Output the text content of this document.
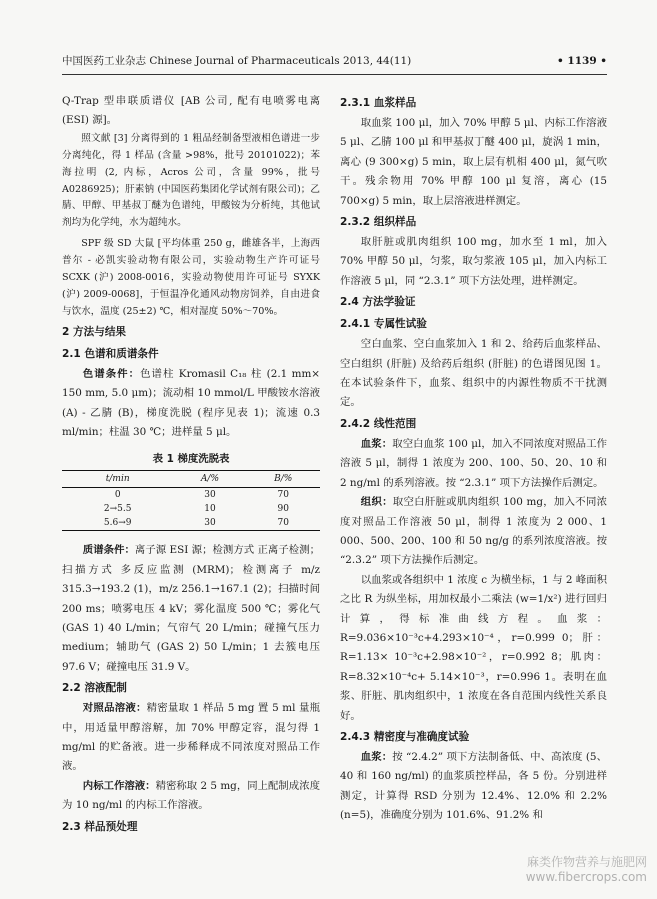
中国医药工业杂志 Chinese Journal of Pharmaceuticals 2013, 44(11)	• 1139 •

Q-Trap 型串联质谱仪 [AB 公司, 配有电喷雾电离 (ESI) 源]。

照文献 [3] 分离得到的 1 粗品经制备型液相色谱进一步分离纯化，得 1 样品 (含量 >98%，批号 20101022)；苯海拉明 (2, 内标，Acros 公司，含量 99%，批号 A0286925)；肝素钠 (中国医药集团化学试剂有限公司)；乙腈、甲醇、甲基叔丁醚为色谱纯，甲酸铵为分析纯，其他试剂均为化学纯，水为超纯水。

SPF 级 SD 大鼠 [平均体重 250 g，雌雄各半，上海西普尔 - 必凯实验动物有限公司，实验动物生产许可证号 SCXK (沪) 2008-0016，实验动物使用许可证号 SYXK (沪) 2009-0068]，于恒温净化通风动物房饲养，自由进食与饮水，温度 (25±2) ℃，相对湿度 50%～70%。

2 方法与结果
2.1 色谱和质谱条件

色谱条件：色谱柱 Kromasil C₁₈ 柱 (2.1 mm× 150 mm, 5.0 μm)；流动相 10 mmol/L 甲酸铵水溶液 (A) - 乙腈 (B)，梯度洗脱 (程序见表 1)；流速 0.3 ml/min；柱温 30 ℃；进样量 5 μl。

表 1 梯度洗脱表
t/min	A/%	B/%
0	30	70
2→5.5	10	90
5.6→9	30	70

质谱条件：离子源 ESI 源；检测方式 正离子检测；扫描方式 多反应监测 (MRM)；检测离子 m/z 315.3→193.2 (1)，m/z 256.1→167.1 (2)；扫描时间 200 ms；喷雾电压 4 kV；雾化温度 500 ℃；雾化气 (GAS 1) 40 L/min；气帘气 20 L/min；碰撞气压力 medium；辅助气 (GAS 2) 50 L/min；1 去簇电压 97.6 V；碰撞电压 31.9 V。

2.2 溶液配制

对照品溶液：精密量取 1 样品 5 mg 置 5 ml 量瓶中，用适量甲醇溶解，加 70% 甲醇定容，混匀得 1 mg/ml 的贮备液。进一步稀释成不同浓度对照品工作液。

内标工作溶液：精密称取 2 5 mg，同上配制成浓度为 10 ng/ml 的内标工作溶液。

2.3 样品预处理
2.3.1 血浆样品

取血浆 100 μl，加入 70% 甲醇 5 μl、内标工作溶液 5 μl、乙腈 100 μl 和甲基叔丁醚 400 μl，旋涡 1 min，离心 (9 300×g) 5 min，取上层有机相 400 μl，氮气吹干。残余物用 70% 甲醇 100 μl 复溶，离心 (15 700×g) 5 min，取上层溶液进样测定。

2.3.2 组织样品

取肝脏或肌肉组织 100 mg，加水至 1 ml，加入 70% 甲醇 50 μl，匀浆，取匀浆液 105 μl，加入内标工作溶液 5 μl，同 “2.3.1” 项下方法处理，进样测定。

2.4 方法学验证
2.4.1 专属性试验

空白血浆、空白血浆加入 1 和 2、给药后血浆样品、空白组织 (肝脏) 及给药后组织 (肝脏) 的色谱图见图 1。在本试验条件下，血浆、组织中的内源性物质不干扰测定。

2.4.2 线性范围

血浆：取空白血浆 100 μl，加入不同浓度对照品工作溶液 5 μl，制得 1 浓度为 200、100、50、20、10 和 2 ng/ml 的系列溶液。按 “2.3.1” 项下方法操作后测定。

组织：取空白肝脏或肌肉组织 100 mg，加入不同浓度对照品工作溶液 50 μl，制得 1 浓度为 2 000、1 000、500、200、100 和 50 ng/g 的系列浓度溶液。按 “2.3.2” 项下方法操作后测定。

以血浆或各组织中 1 浓度 c 为横坐标，1 与 2 峰面积之比 R 为纵坐标，用加权最小二乘法 (w=1/x²) 进行回归计算，得标准曲线方程。血浆：R=9.036×10⁻³c+4.293×10⁻⁴，r=0.999 0；肝：R=1.13× 10⁻³c+2.98×10⁻²，r=0.992 8；肌肉：R=8.32×10⁻⁴c+ 5.14×10⁻³，r=0.996 1。表明在血浆、肝脏、肌肉组织中，1 浓度在各自范围内线性关系良好。

2.4.3 精密度与准确度试验

血浆：按 “2.4.2” 项下方法制备低、中、高浓度 (5、40 和 160 ng/ml) 的血浆质控样品，各 5 份。分别进样测定，计算得 RSD 分别为 12.4%、12.0% 和 2.2% (n=5)，准确度分别为 101.6%、91.2% 和

麻类作物营养与施肥网
www.fibercrops.com
